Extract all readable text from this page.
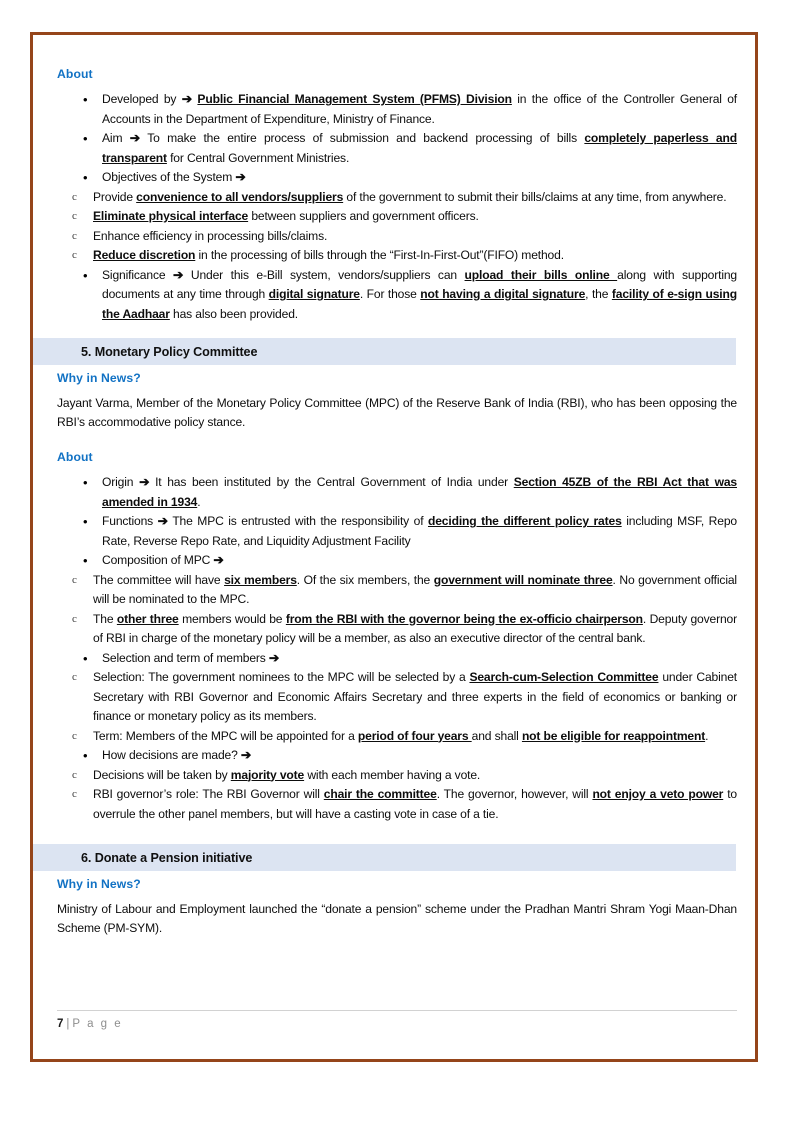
About
• Developed by ➔ Public Financial Management System (PFMS) Division in the office of the Controller General of Accounts in the Department of Expenditure, Ministry of Finance.
• Aim ➔ To make the entire process of submission and backend processing of bills completely paperless and transparent for Central Government Ministries.
• Objectives of the System ➔
c Provide convenience to all vendors/suppliers of the government to submit their bills/claims at any time, from anywhere.
c Eliminate physical interface between suppliers and government officers.
c Enhance efficiency in processing bills/claims.
c Reduce discretion in the processing of bills through the “First-In-First-Out”(FIFO) method.
• Significance ➔ Under this e-Bill system, vendors/suppliers can upload their bills online along with supporting documents at any time through digital signature. For those not having a digital signature, the facility of e-sign using the Aadhaar has also been provided.
5. Monetary Policy Committee
Why in News?
Jayant Varma, Member of the Monetary Policy Committee (MPC) of the Reserve Bank of India (RBI), who has been opposing the RBI’s accommodative policy stance.
About
• Origin ➔ It has been instituted by the Central Government of India under Section 45ZB of the RBI Act that was amended in 1934.
• Functions ➔ The MPC is entrusted with the responsibility of deciding the different policy rates including MSF, Repo Rate, Reverse Repo Rate, and Liquidity Adjustment Facility
• Composition of MPC ➔
c The committee will have six members. Of the six members, the government will nominate three. No government official will be nominated to the MPC.
c The other three members would be from the RBI with the governor being the ex-officio chairperson. Deputy governor of RBI in charge of the monetary policy will be a member, as also an executive director of the central bank.
• Selection and term of members ➔
c Selection: The government nominees to the MPC will be selected by a Search-cum-Selection Committee under Cabinet Secretary with RBI Governor and Economic Affairs Secretary and three experts in the field of economics or banking or finance or monetary policy as its members.
c Term: Members of the MPC will be appointed for a period of four years and shall not be eligible for reappointment.
• How decisions are made? ➔
c Decisions will be taken by majority vote with each member having a vote.
c RBI governor’s role: The RBI Governor will chair the committee. The governor, however, will not enjoy a veto power to overrule the other panel members, but will have a casting vote in case of a tie.
6. Donate a Pension initiative
Why in News?
Ministry of Labour and Employment launched the “donate a pension” scheme under the Pradhan Mantri Shram Yogi Maan-Dhan Scheme (PM-SYM).
7 | P a g e
